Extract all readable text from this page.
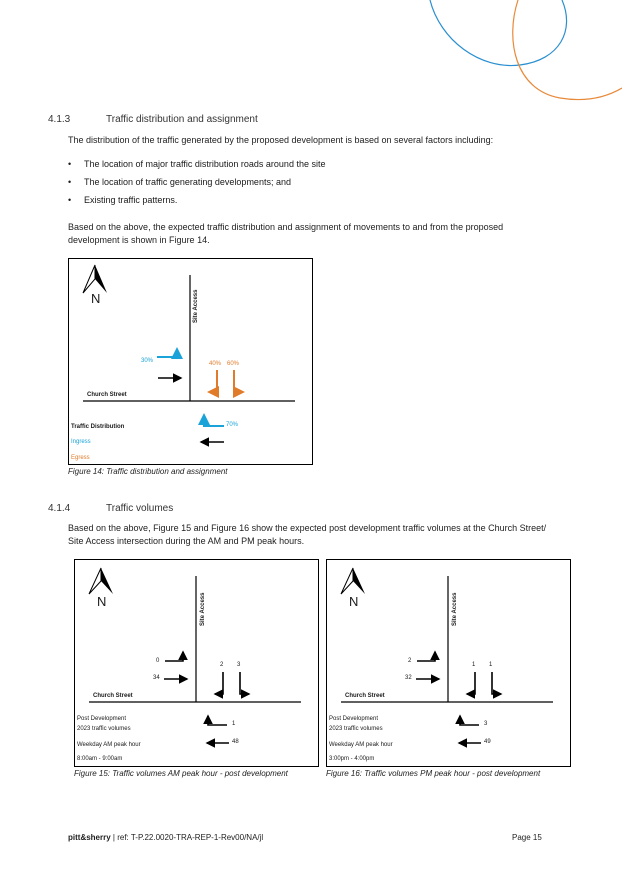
4.1.3	Traffic distribution and assignment
The distribution of the traffic generated by the proposed development is based on several factors including:
• The location of major traffic distribution roads around the site
• The location of traffic generating developments; and
• Existing traffic patterns.
Based on the above, the expected traffic distribution and assignment of movements to and from the proposed
development is shown in Figure 14.
N	Site Access
Church Street
30%	40% 60%
70%
Traffic Distribution
Ingress
Egress
Figure 14: Traffic distribution and assignment
4.1.4	Traffic volumes
Based on the above, Figure 15 and Figure 16 show the expected post development traffic volumes at the Church Street/
Site Access intersection during the AM and PM peak hours.
N	Site Access
Church Street
0
34
2 3
1
48
Post Development
2023 traffic volumes
Weekday AM peak hour
8:00am - 9:00am
Figure 15: Traffic volumes AM peak hour - post development
N	Site Access
Church Street
2
32
1 1
3
49
Post Development
2023 traffic volumes
Weekday AM peak hour
3:00pm - 4:00pm
Figure 16: Traffic volumes PM peak hour - post development
pitt&sherry | ref: T-P.22.0020-TRA-REP-1-Rev00/NA/jl	Page 15
